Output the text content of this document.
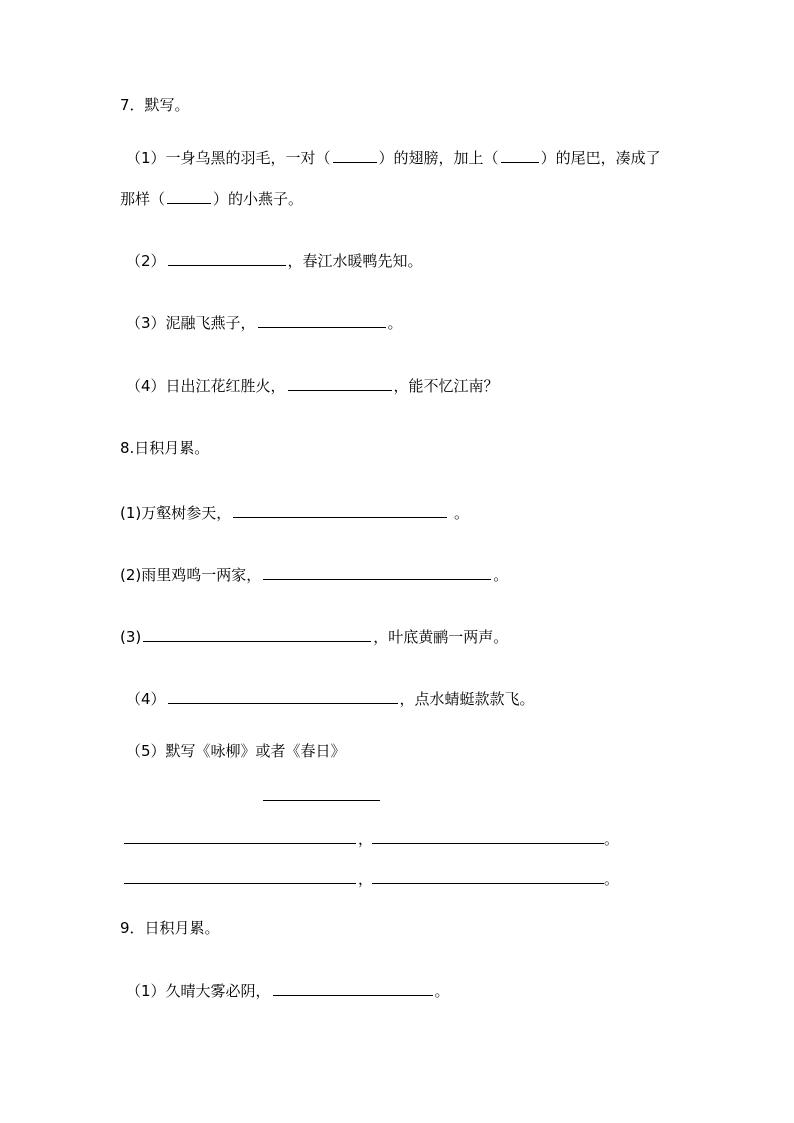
7．默写。
（1）一身乌黑的羽毛，一对（	）的翅膀，加上（	）的尾巴，凑成了
那样（	）的小燕子。
（2）	，春江水暖鸭先知。
（3）泥融飞燕子，	。
（4）日出江花红胜火，	，能不忆江南？
8.日积月累。
(1)万壑树参天，	。
(2)雨里鸡鸣一两家，	。
(3)	，叶底黄鹂一两声。
（4）	，点水蜻蜓款款飞。
（5）默写《咏柳》或者《春日》
，	。
，	。
9．日积月累。
（1）久晴大雾必阴，	。
